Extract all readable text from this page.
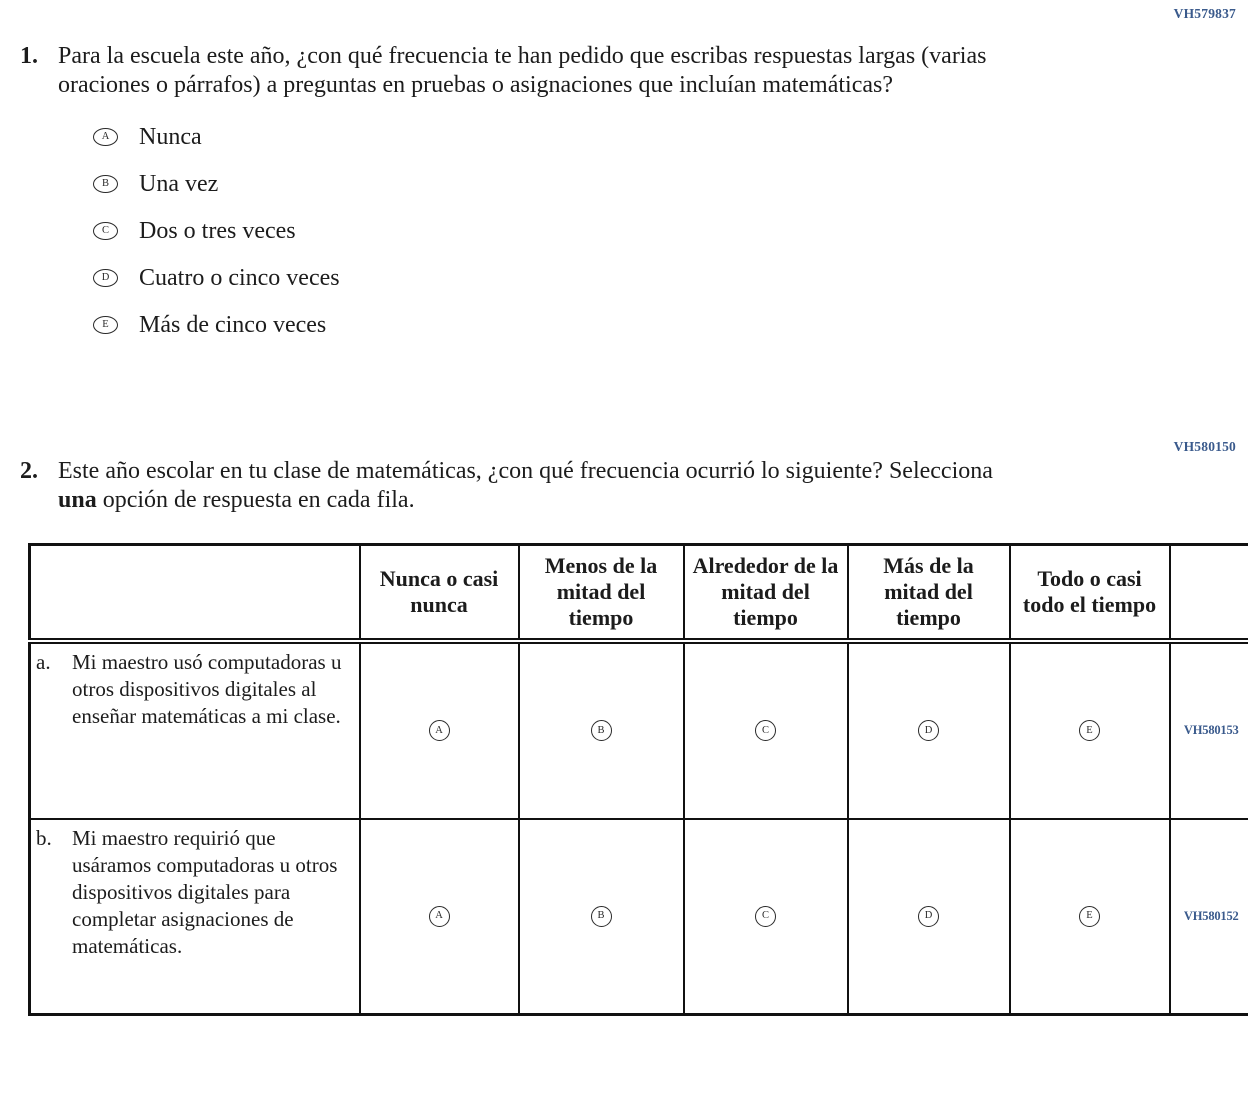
VH579837
1. Para la escuela este año, ¿con qué frecuencia te han pedido que escribas respuestas largas (varias oraciones o párrafos) a preguntas en pruebas o asignaciones que incluían matemáticas?

A Nunca
B Una vez
C Dos o tres veces
D Cuatro o cinco veces
E Más de cinco veces
VH580150
2. Este año escolar en tu clase de matemáticas, ¿con qué frecuencia ocurrió lo siguiente? Selecciona una opción de respuesta en cada fila.

	Nunca o casi nunca	Menos de la mitad del tiempo	Alrededor de la mitad del tiempo	Más de la mitad del tiempo	Todo o casi todo el tiempo	

a. Mi maestro usó computadoras u otros dispositivos digitales al enseñar matemáticas a mi clase.	A	B	C	D	E	VH580153

b. Mi maestro requirió que usáramos computadoras u otros dispositivos digitales para completar asignaciones de matemáticas.	A	B	C	D	E	VH580152
